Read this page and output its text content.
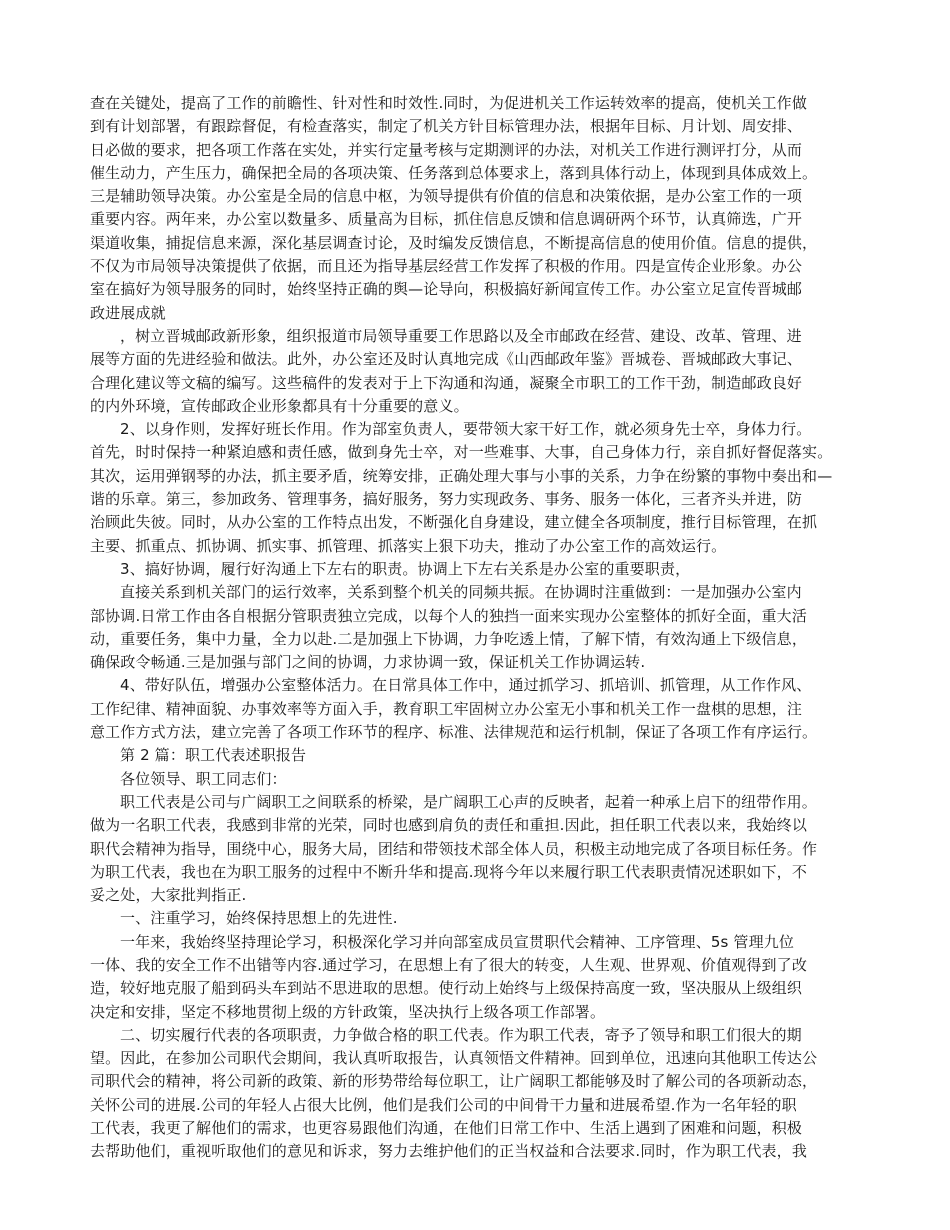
查在关键处，提高了工作的前瞻性、针对性和时效性.同时，为促进机关工作运转效率的提高，使机关工作做
到有计划部署，有跟踪督促，有检查落实，制定了机关方针目标管理办法，根据年目标、月计划、周安排、
日必做的要求，把各项工作落在实处，并实行定量考核与定期测评的办法，对机关工作进行测评打分，从而
催生动力，产生压力，确保把全局的各项决策、任务落到总体要求上，落到具体行动上，体现到具体成效上。
三是辅助领导决策。办公室是全局的信息中枢，为领导提供有价值的信息和决策依据，是办公室工作的一项
重要内容。两年来，办公室以数量多、质量高为目标，抓住信息反馈和信息调研两个环节，认真筛选，广开
渠道收集，捕捉信息来源，深化基层调查讨论，及时编发反馈信息，不断提高信息的使用价值。信息的提供，
不仅为市局领导决策提供了依据，而且还为指导基层经营工作发挥了积极的作用。四是宣传企业形象。办公
室在搞好为领导服务的同时，始终坚持正确的舆—论导向，积极搞好新闻宣传工作。办公室立足宣传晋城邮
政进展成就
，树立晋城邮政新形象，组织报道市局领导重要工作思路以及全市邮政在经营、建设、改革、管理、进
展等方面的先进经验和做法。此外，办公室还及时认真地完成《山西邮政年鉴》晋城卷、晋城邮政大事记、
合理化建议等文稿的编写。这些稿件的发表对于上下沟通和沟通，凝聚全市职工的工作干劲，制造邮政良好
的内外环境，宣传邮政企业形象都具有十分重要的意义。
2、以身作则，发挥好班长作用。作为部室负责人，要带领大家干好工作，就必须身先士卒，身体力行。
首先，时时保持一种紧迫感和责任感，做到身先士卒，对一些难事、大事，自己身体力行，亲自抓好督促落实。
其次，运用弹钢琴的办法，抓主要矛盾，统筹安排，正确处理大事与小事的关系，力争在纷繁的事物中奏出和—
谐的乐章。第三，参加政务、管理事务，搞好服务，努力实现政务、事务、服务一体化，三者齐头并进，防
治顾此失彼。同时，从办公室的工作特点出发，不断强化自身建设，建立健全各项制度，推行目标管理，在抓
主要、抓重点、抓协调、抓实事、抓管理、抓落实上狠下功夫，推动了办公室工作的高效运行。
3、搞好协调，履行好沟通上下左右的职责。协调上下左右关系是办公室的重要职责，
直接关系到机关部门的运行效率，关系到整个机关的同频共振。在协调时注重做到：一是加强办公室内
部协调.日常工作由各自根据分管职责独立完成，以每个人的独挡一面来实现办公室整体的抓好全面，重大活
动，重要任务，集中力量，全力以赴.二是加强上下协调，力争吃透上情，了解下情，有效沟通上下级信息，
确保政令畅通.三是加强与部门之间的协调，力求协调一致，保证机关工作协调运转.
4、带好队伍，增强办公室整体活力。在日常具体工作中，通过抓学习、抓培训、抓管理，从工作作风、
工作纪律、精神面貌、办事效率等方面入手，教育职工牢固树立办公室无小事和机关工作一盘棋的思想，注
意工作方式方法，建立完善了各项工作环节的程序、标准、法律规范和运行机制，保证了各项工作有序运行。
第 2 篇：职工代表述职报告
各位领导、职工同志们：
职工代表是公司与广阔职工之间联系的桥梁，是广阔职工心声的反映者，起着一种承上启下的纽带作用。
做为一名职工代表，我感到非常的光荣，同时也感到肩负的责任和重担.因此，担任职工代表以来，我始终以
职代会精神为指导，围绕中心，服务大局，团结和带领技术部全体人员，积极主动地完成了各项目标任务。作
为职工代表，我也在为职工服务的过程中不断升华和提高.现将今年以来履行职工代表职责情况述职如下，不
妥之处，大家批判指正.
一、注重学习，始终保持思想上的先进性.
一年来，我始终坚持理论学习，积极深化学习并向部室成员宣贯职代会精神、工序管理、5s 管理九位
一体、我的安全工作不出错等内容.通过学习，在思想上有了很大的转变，人生观、世界观、价值观得到了改
造，较好地克服了船到码头车到站不思进取的思想。使行动上始终与上级保持高度一致，坚决服从上级组织
决定和安排，坚定不移地贯彻上级的方针政策，坚决执行上级各项工作部署。
二、切实履行代表的各项职责，力争做合格的职工代表。作为职工代表，寄予了领导和职工们很大的期
望。因此，在参加公司职代会期间，我认真听取报告，认真领悟文件精神。回到单位，迅速向其他职工传达公
司职代会的精神，将公司新的政策、新的形势带给每位职工，让广阔职工都能够及时了解公司的各项新动态，
关怀公司的进展.公司的年轻人占很大比例，他们是我们公司的中间骨干力量和进展希望.作为一名年轻的职
工代表，我更了解他们的需求，也更容易跟他们沟通，在他们日常工作中、生活上遇到了困难和问题，积极
去帮助他们，重视听取他们的意见和诉求，努力去维护他们的正当权益和合法要求.同时，作为职工代表，我
